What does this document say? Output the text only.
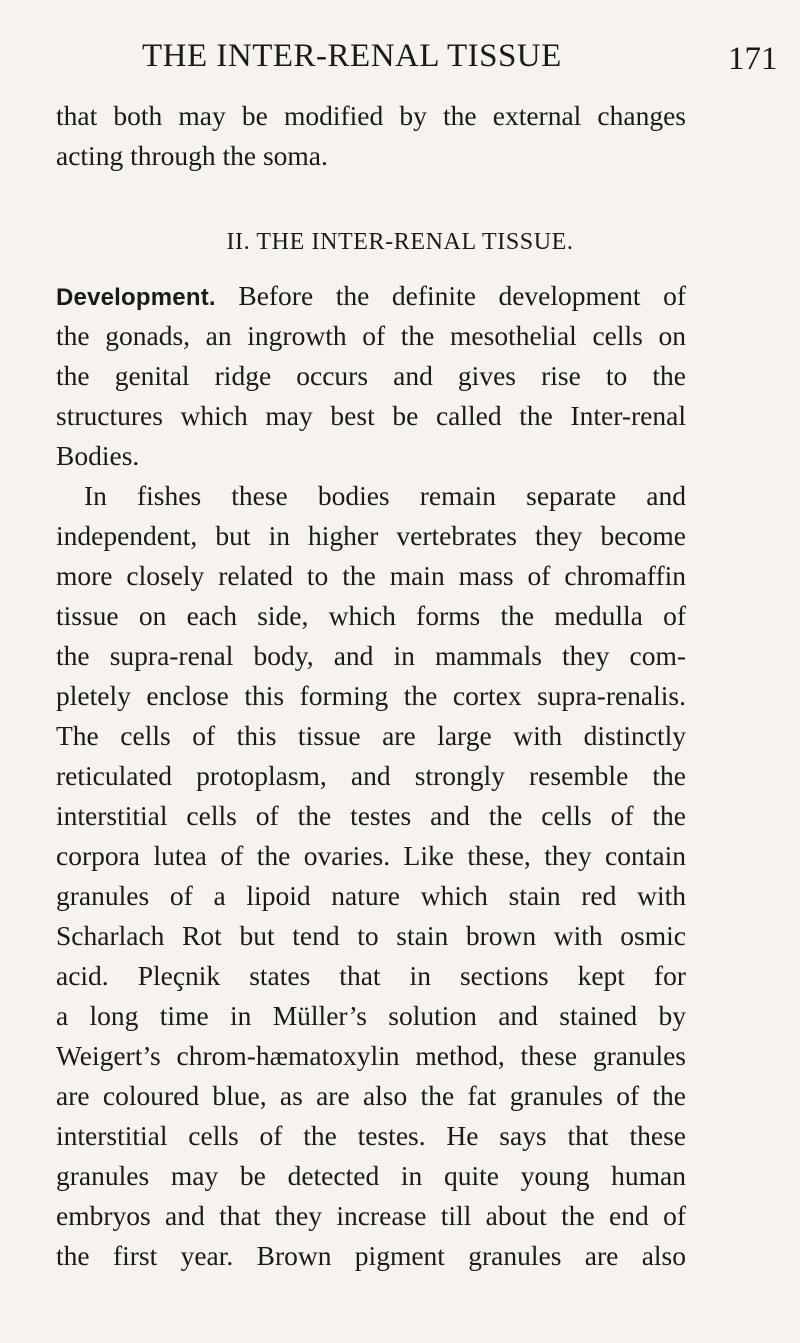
THE INTER-RENAL TISSUE	171
that both may be modified by the external changes
acting through the soma.
II. THE INTER-RENAL TISSUE.
Development. Before the definite development of
the gonads, an ingrowth of the mesothelial cells on
the genital ridge occurs and gives rise to the
structures which may best be called the Inter-renal
Bodies.
In fishes these bodies remain separate and
independent, but in higher vertebrates they become
more closely related to the main mass of chromaffin
tissue on each side, which forms the medulla of
the supra-renal body, and in mammals they com-
pletely enclose this forming the cortex supra-renalis.
The cells of this tissue are large with distinctly
reticulated protoplasm, and strongly resemble the
interstitial cells of the testes and the cells of the
corpora lutea of the ovaries. Like these, they contain
granules of a lipoid nature which stain red with
Scharlach Rot but tend to stain brown with osmic
acid. Pleçnik states that in sections kept for
a long time in Müller’s solution and stained by
Weigert’s chrom-hæmatoxylin method, these granules
are coloured blue, as are also the fat granules of the
interstitial cells of the testes. He says that these
granules may be detected in quite young human
embryos and that they increase till about the end of
the first year. Brown pigment granules are also
